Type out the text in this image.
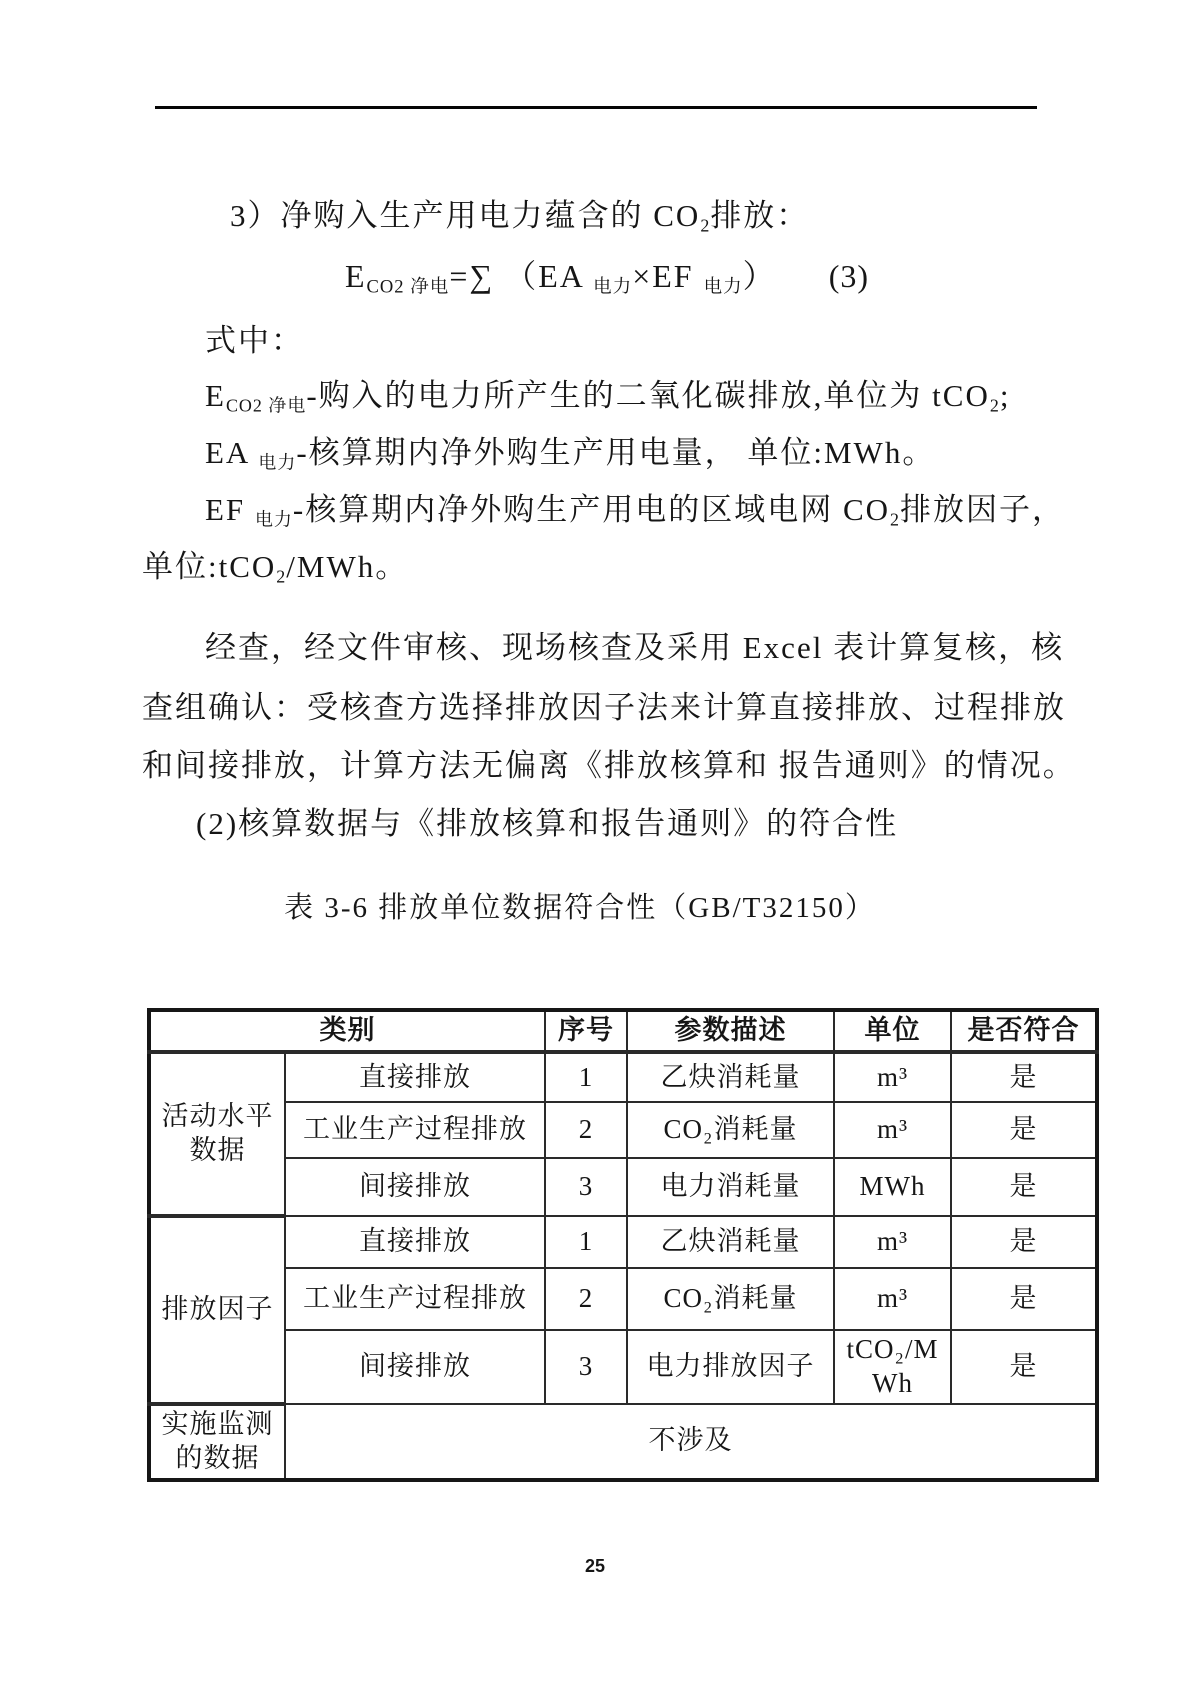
3）净购入生产用电力蕴含的 $CO_2$排放：
$E_{CO2 净电}=\sum$ （EA $_{电力}$×EF $_{电力}$） (3)
式中：
$E_{CO2 净电}-$购入的电力所产生的二氧化碳排放,单位为 tCO$_2$;
EA $_{电力}$-核算期内净外购生产用电量， 单位:MWh。
EF $_{电力}$-核算期内净外购生产用电的区域电网 $CO_2$排放因子，
单位:tCO$_2$/MWh。
经查，经文件审核、现场核查及采用 Excel 表计算复核，核
查组确认：受核查方选择排放因子法来计算直接排放、过程排放
和间接排放，计算方法无偏离《排放核算和 报告通则》的情况。
(2)核算数据与《排放核算和报告通则》的符合性
表 3-6 排放单位数据符合性（GB/T32150）
类别		序号	参数描述	单位	是否符合
活动水平数据	直接排放	1	乙炔消耗量	m³	是
	工业生产过程排放	2	CO₂消耗量	m³	是
	间接排放	3	电力消耗量	MWh	是
排放因子	直接排放	1	乙炔消耗量	m³	是
	工业生产过程排放	2	CO₂消耗量	m³	是
	间接排放	3	电力排放因子	tCO₂/MWh	是
实施监测的数据	不涉及				
25
